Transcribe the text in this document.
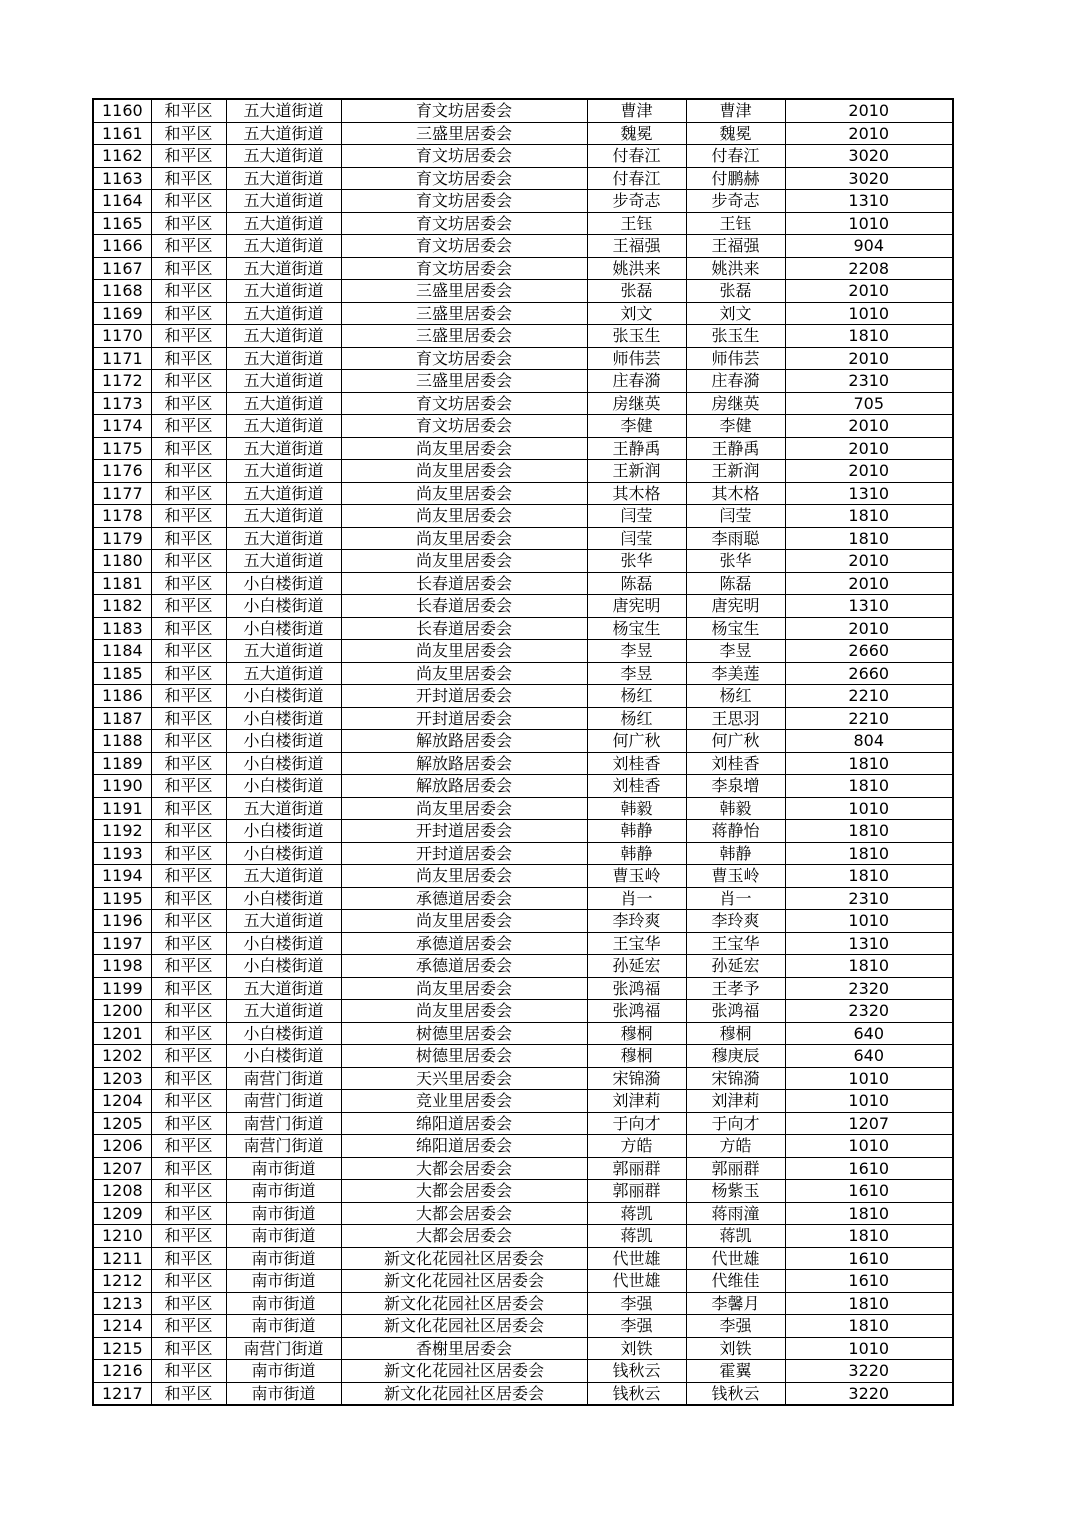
1160	和平区	五大道街道	育文坊居委会	曹津	曹津	2010
1161	和平区	五大道街道	三盛里居委会	魏冕	魏冕	2010
1162	和平区	五大道街道	育文坊居委会	付春江	付春江	3020
1163	和平区	五大道街道	育文坊居委会	付春江	付鹏赫	3020
1164	和平区	五大道街道	育文坊居委会	步奇志	步奇志	1310
1165	和平区	五大道街道	育文坊居委会	王钰	王钰	1010
1166	和平区	五大道街道	育文坊居委会	王福强	王福强	904
1167	和平区	五大道街道	育文坊居委会	姚洪来	姚洪来	2208
1168	和平区	五大道街道	三盛里居委会	张磊	张磊	2010
1169	和平区	五大道街道	三盛里居委会	刘文	刘文	1010
1170	和平区	五大道街道	三盛里居委会	张玉生	张玉生	1810
1171	和平区	五大道街道	育文坊居委会	师伟芸	师伟芸	2010
1172	和平区	五大道街道	三盛里居委会	庄春漪	庄春漪	2310
1173	和平区	五大道街道	育文坊居委会	房继英	房继英	705
1174	和平区	五大道街道	育文坊居委会	李健	李健	2010
1175	和平区	五大道街道	尚友里居委会	王静禹	王静禹	2010
1176	和平区	五大道街道	尚友里居委会	王新润	王新润	2010
1177	和平区	五大道街道	尚友里居委会	其木格	其木格	1310
1178	和平区	五大道街道	尚友里居委会	闫莹	闫莹	1810
1179	和平区	五大道街道	尚友里居委会	闫莹	李雨聪	1810
1180	和平区	五大道街道	尚友里居委会	张华	张华	2010
1181	和平区	小白楼街道	长春道居委会	陈磊	陈磊	2010
1182	和平区	小白楼街道	长春道居委会	唐宪明	唐宪明	1310
1183	和平区	小白楼街道	长春道居委会	杨宝生	杨宝生	2010
1184	和平区	五大道街道	尚友里居委会	李昱	李昱	2660
1185	和平区	五大道街道	尚友里居委会	李昱	李美莲	2660
1186	和平区	小白楼街道	开封道居委会	杨红	杨红	2210
1187	和平区	小白楼街道	开封道居委会	杨红	王思羽	2210
1188	和平区	小白楼街道	解放路居委会	何广秋	何广秋	804
1189	和平区	小白楼街道	解放路居委会	刘桂香	刘桂香	1810
1190	和平区	小白楼街道	解放路居委会	刘桂香	李泉增	1810
1191	和平区	五大道街道	尚友里居委会	韩毅	韩毅	1010
1192	和平区	小白楼街道	开封道居委会	韩静	蒋静怡	1810
1193	和平区	小白楼街道	开封道居委会	韩静	韩静	1810
1194	和平区	五大道街道	尚友里居委会	曹玉岭	曹玉岭	1810
1195	和平区	小白楼街道	承德道居委会	肖一	肖一	2310
1196	和平区	五大道街道	尚友里居委会	李玲爽	李玲爽	1010
1197	和平区	小白楼街道	承德道居委会	王宝华	王宝华	1310
1198	和平区	小白楼街道	承德道居委会	孙延宏	孙延宏	1810
1199	和平区	五大道街道	尚友里居委会	张鸿福	王孝予	2320
1200	和平区	五大道街道	尚友里居委会	张鸿福	张鸿福	2320
1201	和平区	小白楼街道	树德里居委会	穆桐	穆桐	640
1202	和平区	小白楼街道	树德里居委会	穆桐	穆庚辰	640
1203	和平区	南营门街道	天兴里居委会	宋锦漪	宋锦漪	1010
1204	和平区	南营门街道	竞业里居委会	刘津莉	刘津莉	1010
1205	和平区	南营门街道	绵阳道居委会	于向才	于向才	1207
1206	和平区	南营门街道	绵阳道居委会	方皓	方皓	1010
1207	和平区	南市街道	大都会居委会	郭丽群	郭丽群	1610
1208	和平区	南市街道	大都会居委会	郭丽群	杨紫玉	1610
1209	和平区	南市街道	大都会居委会	蒋凯	蒋雨潼	1810
1210	和平区	南市街道	大都会居委会	蒋凯	蒋凯	1810
1211	和平区	南市街道	新文化花园社区居委会	代世雄	代世雄	1610
1212	和平区	南市街道	新文化花园社区居委会	代世雄	代维佳	1610
1213	和平区	南市街道	新文化花园社区居委会	李强	李馨月	1810
1214	和平区	南市街道	新文化花园社区居委会	李强	李强	1810
1215	和平区	南营门街道	香榭里居委会	刘铁	刘铁	1010
1216	和平区	南市街道	新文化花园社区居委会	钱秋云	霍翼	3220
1217	和平区	南市街道	新文化花园社区居委会	钱秋云	钱秋云	3220
